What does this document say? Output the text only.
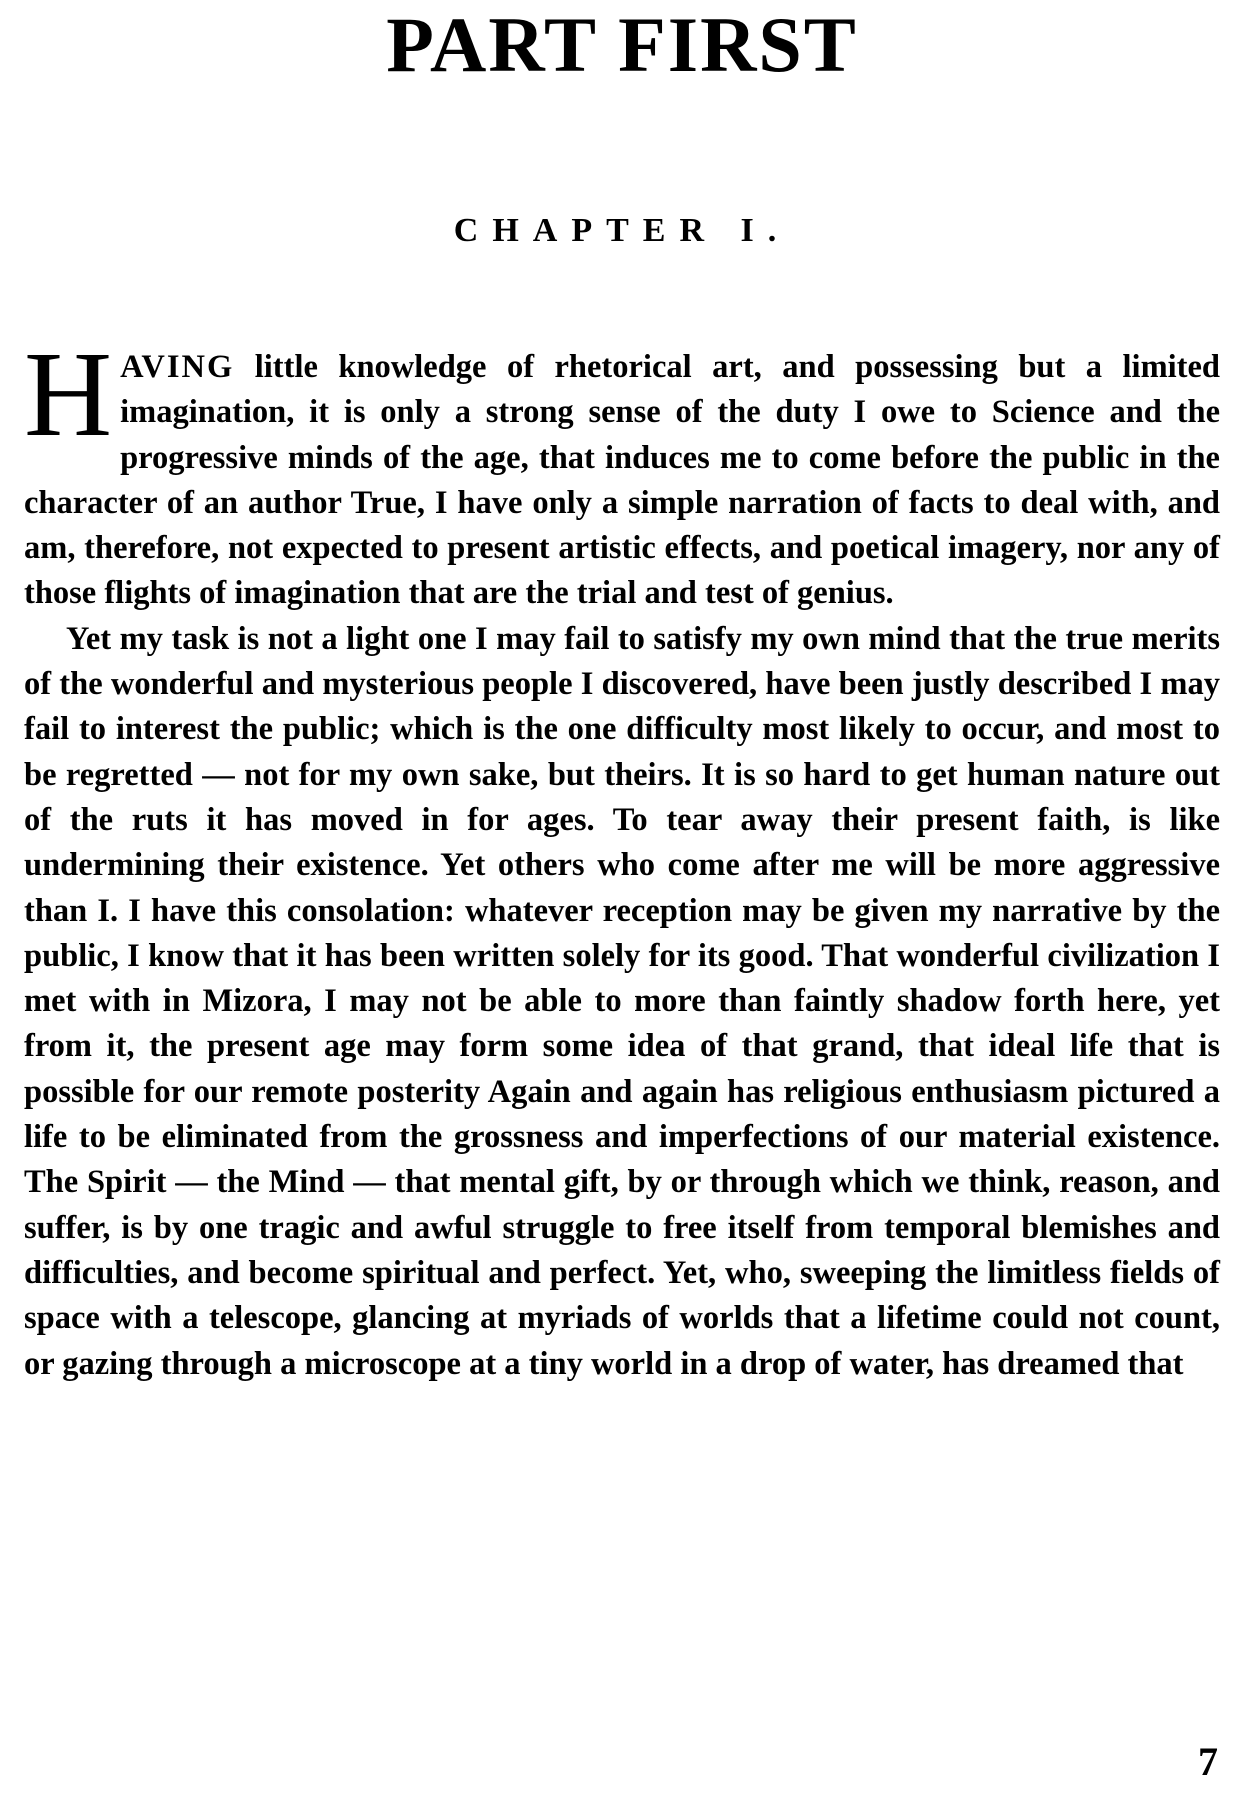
PART FIRST
CHAPTER I.

HAVING little knowledge of rhetorical art, and possessing but a limited imagination, it is only a strong sense of the duty I owe to Science and the progressive minds of the age, that induces me to come before the public in the character of an author True, I have only a simple narration of facts to deal with, and am, therefore, not expected to present artistic effects, and poetical imagery, nor any of those flights of imagination that are the trial and test of genius.

Yet my task is not a light one I may fail to satisfy my own mind that the true merits of the wonderful and mysterious people I discovered, have been justly described I may fail to interest the public; which is the one difficulty most likely to occur, and most to be regretted — not for my own sake, but theirs. It is so hard to get human nature out of the ruts it has moved in for ages. To tear away their present faith, is like undermining their existence. Yet others who come after me will be more aggressive than I. I have this consolation: whatever reception may be given my narrative by the public, I know that it has been written solely for its good. That wonderful civilization I met with in Mizora, I may not be able to more than faintly shadow forth here, yet from it, the present age may form some idea of that grand, that ideal life that is possible for our remote posterity Again and again has religious enthusiasm pictured a life to be eliminated from the grossness and imperfections of our material existence. The Spirit — the Mind — that mental gift, by or through which we think, reason, and suffer, is by one tragic and awful struggle to free itself from temporal blemishes and difficulties, and become spiritual and perfect. Yet, who, sweeping the limitless fields of space with a telescope, glancing at myriads of worlds that a lifetime could not count, or gazing through a microscope at a tiny world in a drop of water, has dreamed that

7
